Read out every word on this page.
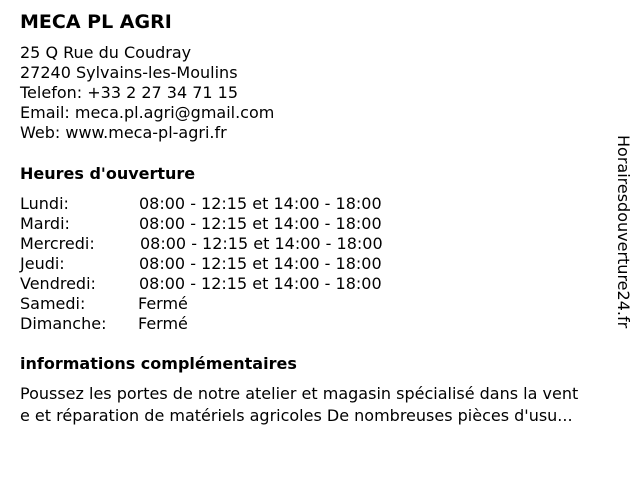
MECA PL AGRI
25 Q Rue du Coudray
27240 Sylvains-les-Moulins
Telefon: +33 2 27 34 71 15
Email: meca.pl.agri@gmail.com
Web: www.meca-pl-agri.fr
Heures d'ouverture
Lundi:	08:00 - 12:15 et 14:00 - 18:00
Mardi:	08:00 - 12:15 et 14:00 - 18:00
Mercredi:	08:00 - 12:15 et 14:00 - 18:00
Jeudi:	08:00 - 12:15 et 14:00 - 18:00
Vendredi:	08:00 - 12:15 et 14:00 - 18:00
Samedi:	Fermé
Dimanche: Fermé
informations complémentaires
Poussez les portes de notre atelier et magasin spécialisé dans la vent
e et réparation de matériels agricoles De nombreuses pièces d'usu...
Horairesdouverture24.fr
